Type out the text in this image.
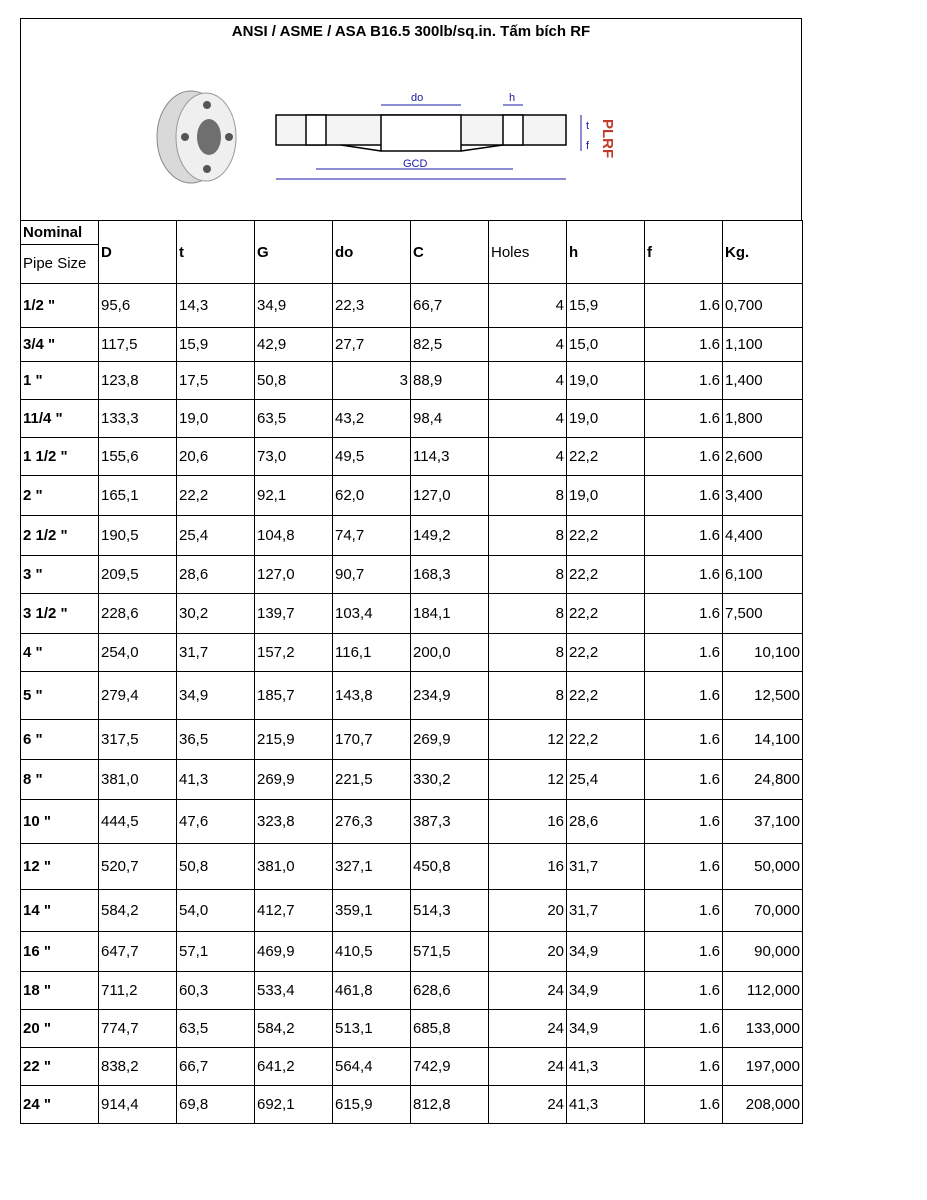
ANSI / ASME / ASA B16.5 300lb/sq.in. Tấm bích RF
do	h
t
f
GCD
PLRF
Nominal
Pipe Size	D	t	G	do	C	Holes	h	f	Kg.
1/2 "	95,6	14,3	34,9	22,3	66,7	4	15,9	1.6	0,700
3/4 "	117,5	15,9	42,9	27,7	82,5	4	15,0	1.6	1,100
1 "	123,8	17,5	50,8	3	88,9	4	19,0	1.6	1,400
11/4 "	133,3	19,0	63,5	43,2	98,4	4	19,0	1.6	1,800
1 1/2 "	155,6	20,6	73,0	49,5	114,3	4	22,2	1.6	2,600
2 "	165,1	22,2	92,1	62,0	127,0	8	19,0	1.6	3,400
2 1/2 "	190,5	25,4	104,8	74,7	149,2	8	22,2	1.6	4,400
3 "	209,5	28,6	127,0	90,7	168,3	8	22,2	1.6	6,100
3 1/2 "	228,6	30,2	139,7	103,4	184,1	8	22,2	1.6	7,500
4 "	254,0	31,7	157,2	116,1	200,0	8	22,2	1.6	10,100
5 "	279,4	34,9	185,7	143,8	234,9	8	22,2	1.6	12,500
6 "	317,5	36,5	215,9	170,7	269,9	12	22,2	1.6	14,100
8 "	381,0	41,3	269,9	221,5	330,2	12	25,4	1.6	24,800
10 "	444,5	47,6	323,8	276,3	387,3	16	28,6	1.6	37,100
12 "	520,7	50,8	381,0	327,1	450,8	16	31,7	1.6	50,000
14 "	584,2	54,0	412,7	359,1	514,3	20	31,7	1.6	70,000
16 "	647,7	57,1	469,9	410,5	571,5	20	34,9	1.6	90,000
18 "	711,2	60,3	533,4	461,8	628,6	24	34,9	1.6	112,000
20 "	774,7	63,5	584,2	513,1	685,8	24	34,9	1.6	133,000
22 "	838,2	66,7	641,2	564,4	742,9	24	41,3	1.6	197,000
24 "	914,4	69,8	692,1	615,9	812,8	24	41,3	1.6	208,000
